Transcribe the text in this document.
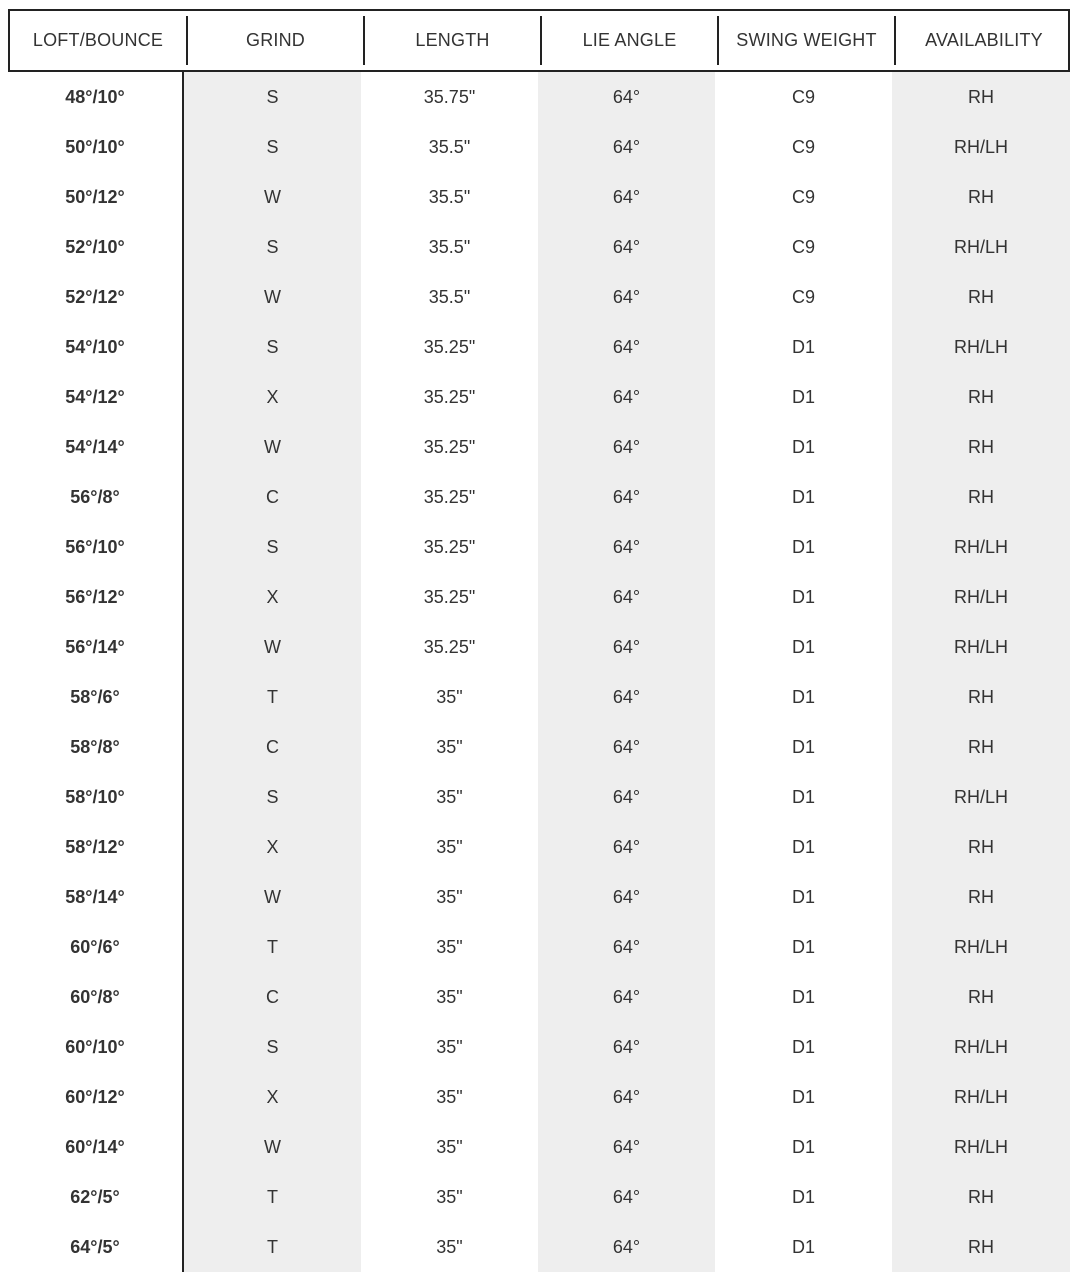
LOFT/BOUNCE	GRIND	LENGTH	LIE ANGLE	SWING WEIGHT	AVAILABILITY
48°/10°	S	35.75"	64°	C9	RH
50°/10°	S	35.5"	64°	C9	RH/LH
50°/12°	W	35.5"	64°	C9	RH
52°/10°	S	35.5"	64°	C9	RH/LH
52°/12°	W	35.5"	64°	C9	RH
54°/10°	S	35.25"	64°	D1	RH/LH
54°/12°	X	35.25"	64°	D1	RH
54°/14°	W	35.25"	64°	D1	RH
56°/8°	C	35.25"	64°	D1	RH
56°/10°	S	35.25"	64°	D1	RH/LH
56°/12°	X	35.25"	64°	D1	RH/LH
56°/14°	W	35.25"	64°	D1	RH/LH
58°/6°	T	35"	64°	D1	RH
58°/8°	C	35"	64°	D1	RH
58°/10°	S	35"	64°	D1	RH/LH
58°/12°	X	35"	64°	D1	RH
58°/14°	W	35"	64°	D1	RH
60°/6°	T	35"	64°	D1	RH/LH
60°/8°	C	35"	64°	D1	RH
60°/10°	S	35"	64°	D1	RH/LH
60°/12°	X	35"	64°	D1	RH/LH
60°/14°	W	35"	64°	D1	RH/LH
62°/5°	T	35"	64°	D1	RH
64°/5°	T	35"	64°	D1	RH
